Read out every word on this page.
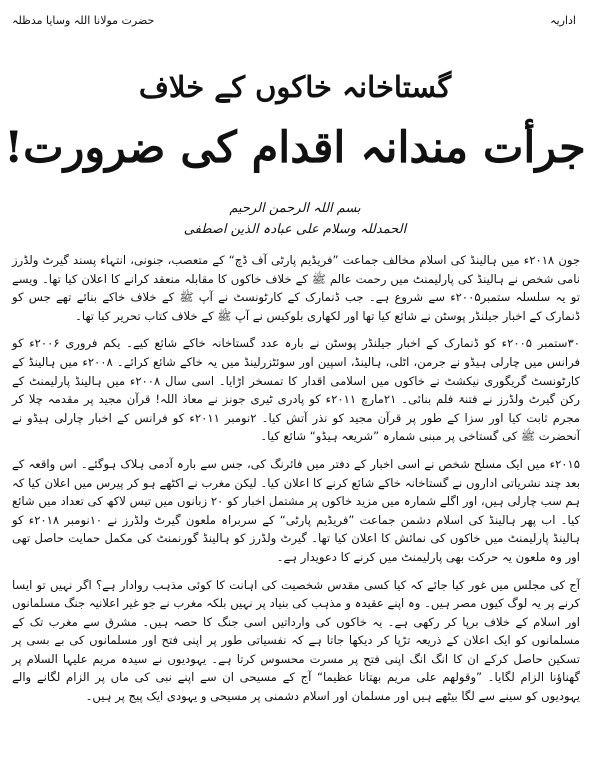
اداریہ
حضرت مولانا اللہ وسایا مدظلہ
گستاخانہ خاکوں کے خلاف
جرأت مندانہ اقدام کی ضرورت!
بسم اللہ الرحمن الرحیم
الحمدللہ وسلام علی عبادہ الذین اصطفی

جون ۲۰۱۸ء میں ہالینڈ کی اسلام مخالف جماعت ”فریڈیم پارٹی آف ڈچ“ کے متعصب، جنونی، انتہاء پسند گیرٹ ولڈرز نامی شخص نے ہالینڈ کی پارلیمنٹ میں رحمت عالم ﷺ کے خلاف خاکوں کا مقابلہ منعقد کرانے کا اعلان کیا تھا۔ ویسے تو یہ سلسلہ ستمبر۲۰۰۵ء سے شروع ہے۔ جب ڈنمارک کے کارٹونسٹ نے آپ ﷺ کے خلاف خاکے بنائے تھے جس کو ڈنمارک کے اخبار جیلنڈر پوسٹن نے شائع کیا تھا اور لکھاری بلوکیس نے آپ ﷺ کے خلاف کتاب تحریر کیا تھا۔

۳۰ستمبر ۲۰۰۵ء کو ڈنمارک کے اخبار جیلنڈر پوسٹن نے بارہ عدد گستاخانہ خاکے شائع کیے۔ یکم فروری ۲۰۰۶ء کو فرانس میں چارلی ہیڈو نے جرمن، اٹلی، ہالینڈ، اسپین اور سوئٹزرلینڈ میں یہ خاکے شائع کرائے۔ ۲۰۰۸ء میں ہالینڈ کے کارٹونسٹ گریگوری نیکشٹ نے خاکوں میں اسلامی اقدار کا تمسخر اڑایا۔ اسی سال ۲۰۰۸ء میں ہالینڈ پارلیمنٹ کے رکن گیرٹ ولڈرز نے فتنۃ فلم بنائی۔ ۲۱مارچ ۲۰۱۱ء کو پادری ٹیری جونز نے معاذ اللہ! قرآن مجید پر مقدمہ چلا کر مجرم ثابت کیا اور سزا کے طور پر قرآن مجید کو نذر آتش کیا۔ ۲نومبر ۲۰۱۱ء کو فرانس کے اخبار چارلی ہیڈو نے آنحضرت ﷺ کی گستاخی پر مبنی شمارہ ”شریعہ ہیڈو“ شائع کیا۔

۲۰۱۵ء میں ایک مسلح شخص نے اسی اخبار کے دفتر میں فائرنگ کی، جس سے بارہ آدمی ہلاک ہوگئے۔ اس واقعہ کے بعد چند نشریاتی اداروں نے گستاخانہ خاکے شائع کرنے کا اعلان کیا۔ لیکن مغرب نے اکٹھے ہو کر پیرس میں اعلان کیا کہ ہم سب چارلی ہیں، اور اگلے شمارہ میں مزید خاکوں پر مشتمل اخبار کو ۲۰ زبانوں میں تیس لاکھ کی تعداد میں شائع کیا۔ اب پھر ہالینڈ کی اسلام دشمن جماعت ”فریڈیم پارٹی“ کے سربراہ ملعون گیرٹ ولڈرز نے ۱۰نومبر ۲۰۱۸ء کو ہالینڈ پارلیمنٹ میں خاکوں کی نمائش کا اعلان کیا تھا۔ گیرٹ ولڈرز کو ہالینڈ گورنمنٹ کی مکمل حمایت حاصل تھی اور وہ ملعون یہ حرکت بھی پارلیمنٹ میں کرنے کا دعویدار ہے۔

آج کی مجلس میں غور کیا جائے کہ کیا کسی مقدس شخصیت کی اہانت کا کوئی مذہب روادار ہے؟ اگر نہیں تو ایسا کرنے پر یہ لوگ کیوں مصر ہیں۔ وہ اپنے عقیدہ و مذہب کی بنیاد پر نہیں بلکہ مغرب نے جو غیر اعلانیہ جنگ مسلمانوں اور اسلام کے خلاف برپا کر رکھی ہے۔ یہ خاکوں کی وارداتیں اسی جنگ کا حصہ ہیں۔ مشرق سے مغرب تک کے مسلمانوں کو ایک اعلان کے ذریعہ تڑپا کر دیکھا جاتا ہے کہ نفسیاتی طور پر اپنی فتح اور مسلمانوں کی بے بسی پر تسکین حاصل کرکے ان کا انگ انگ اپنی فتح پر مسرت محسوس کرتا ہے۔ یہودیوں نے سیدہ مریم علیہا السلام پر گھناؤنا الزام لگایا۔ ”وقولھم علی مریم بھتانا عظیما“ آج کے مسیحی ان سے اپنے نبی کی ماں پر الزام لگانے والے یہودیوں کو سینے سے لگا بیٹھے ہیں اور مسلمان اور اسلام دشمنی پر مسیحی و یہودی ایک پیج پر ہیں۔
